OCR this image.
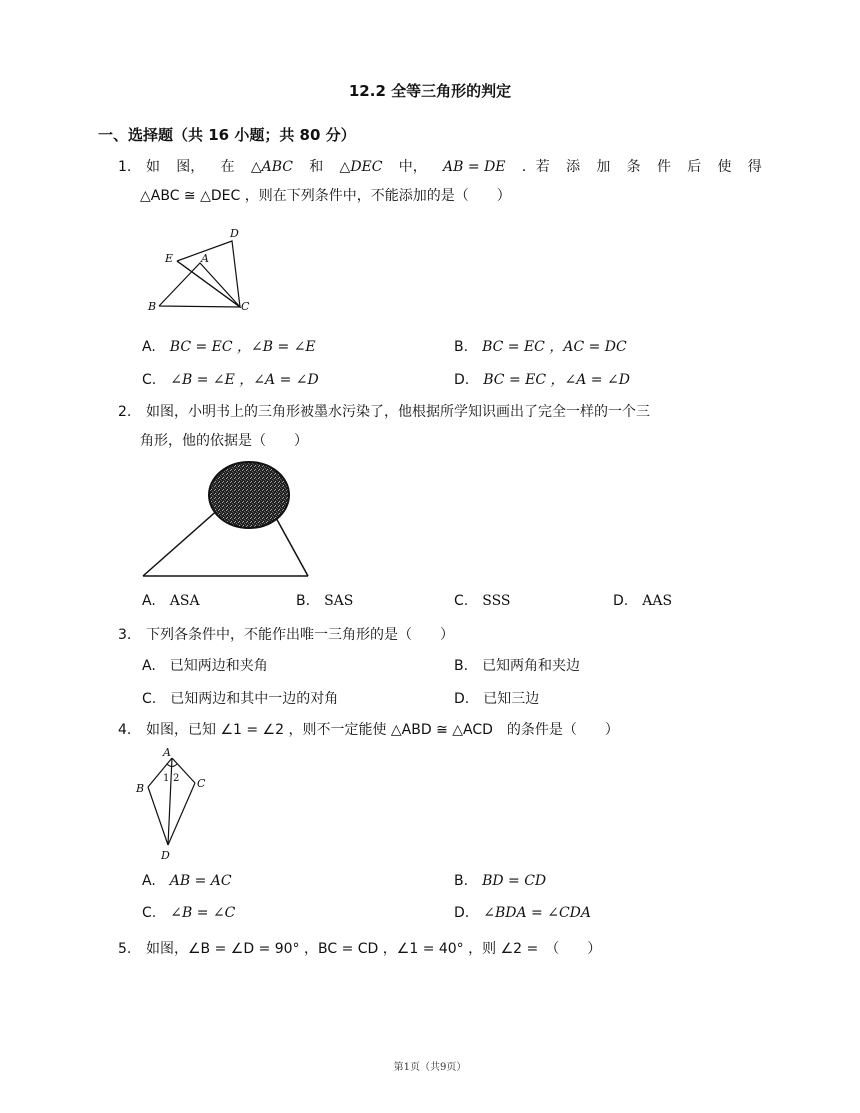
12.2 全等三角形的判定
一、选择题（共 16 小题；共 80 分）
1. 如 图， 在 △ABC 和 △DEC 中， AB = DE ．若 添 加 条 件 后 使 得
△ABC ≅ △DEC ，则在下列条件中，不能添加的是（　　）
D
E	A
B	C
A. BC = EC ，∠B = ∠E	B. BC = EC ，AC = DC
C. ∠B = ∠E ，∠A = ∠D	D. BC = EC ，∠A = ∠D
2. 如图，小明书上的三角形被墨水污染了，他根据所学知识画出了完全一样的一个三
角形，他的依据是（　　）
A. ASA	B. SAS	C. SSS	D. AAS
3. 下列各条件中，不能作出唯一三角形的是（　　）
A. 已知两边和夹角	B. 已知两角和夹边
C. 已知两边和其中一边的对角	D. 已知三边
4. 如图，已知 ∠1 = ∠2 ，则不一定能使 △ABD ≅ △ACD　的条件是（　　）
A
B	C
D
1 2
A. AB = AC	B. BD = CD
C. ∠B = ∠C	D. ∠BDA = ∠CDA
5. 如图，∠B = ∠D = 90° ，BC = CD ，∠1 = 40° ，则 ∠2 =　（　　）
第1页（共9页）
